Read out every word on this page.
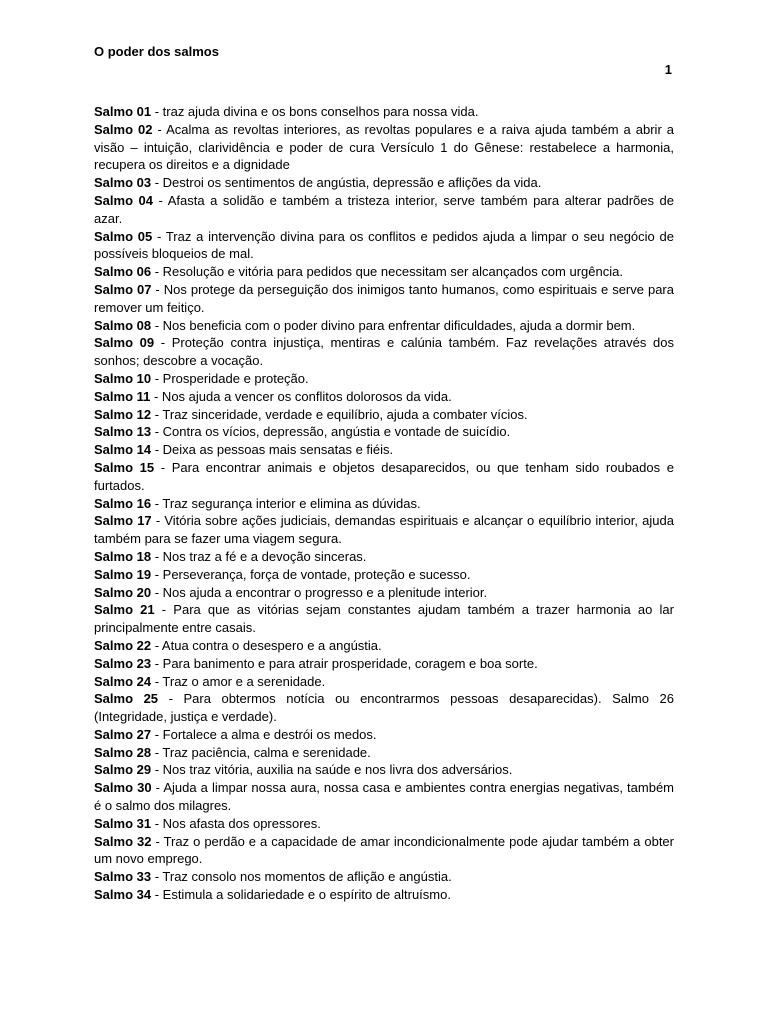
O poder dos salmos
1

Salmo 01 - traz ajuda divina e os bons conselhos para nossa vida.

Salmo 02 - Acalma as revoltas interiores, as revoltas populares e a raiva ajuda também a abrir a visão – intuição, clarividência e poder de cura Versículo 1 do Gênese: restabelece a harmonia, recupera os direitos e a dignidade

Salmo 03 - Destroi os sentimentos de angústia, depressão e aflições da vida.

Salmo 04 - Afasta a solidão e também a tristeza interior, serve também para alterar padrões de azar.

Salmo 05 - Traz a intervenção divina para os conflitos e pedidos ajuda a limpar o seu negócio de possíveis bloqueios de mal.

Salmo 06 - Resolução e vitória para pedidos que necessitam ser alcançados com urgência.

Salmo 07 - Nos protege da perseguição dos inimigos tanto humanos, como espirituais e serve para remover um feitiço.

Salmo 08 - Nos beneficia com o poder divino para enfrentar dificuldades, ajuda a dormir bem.

Salmo 09 - Proteção contra injustiça, mentiras e calúnia também. Faz revelações através dos sonhos; descobre a vocação.

Salmo 10 - Prosperidade e proteção.

Salmo 11 - Nos ajuda a vencer os conflitos dolorosos da vida.

Salmo 12 - Traz sinceridade, verdade e equilíbrio, ajuda a combater vícios.

Salmo 13 - Contra os vícios, depressão, angústia e vontade de suicídio.

Salmo 14 - Deixa as pessoas mais sensatas e fiéis.

Salmo 15 - Para encontrar animais e objetos desaparecidos, ou que tenham sido roubados e furtados.

Salmo 16 - Traz segurança interior e elimina as dúvidas.

Salmo 17 - Vitória sobre ações judiciais, demandas espirituais e alcançar o equilíbrio interior, ajuda também para se fazer uma viagem segura.

Salmo 18 - Nos traz a fé e a devoção sinceras.

Salmo 19 - Perseverança, força de vontade, proteção e sucesso.

Salmo 20 - Nos ajuda a encontrar o progresso e a plenitude interior.

Salmo 21 - Para que as vitórias sejam constantes ajudam também a trazer harmonia ao lar principalmente entre casais.

Salmo 22 - Atua contra o desespero e a angústia.

Salmo 23 - Para banimento e para atrair prosperidade, coragem e boa sorte.

Salmo 24 - Traz o amor e a serenidade.

Salmo 25 - Para obtermos notícia ou encontrarmos pessoas desaparecidas). Salmo 26 (Integridade, justiça e verdade).

Salmo 27 - Fortalece a alma e destrói os medos.

Salmo 28 - Traz paciência, calma e serenidade.

Salmo 29 - Nos traz vitória, auxilia na saúde e nos livra dos adversários.

Salmo 30 - Ajuda a limpar nossa aura, nossa casa e ambientes contra energias negativas, também é o salmo dos milagres.

Salmo 31 - Nos afasta dos opressores.

Salmo 32 - Traz o perdão e a capacidade de amar incondicionalmente pode ajudar também a obter um novo emprego.

Salmo 33 - Traz consolo nos momentos de aflição e angústia.

Salmo 34 - Estimula a solidariedade e o espírito de altruísmo.
